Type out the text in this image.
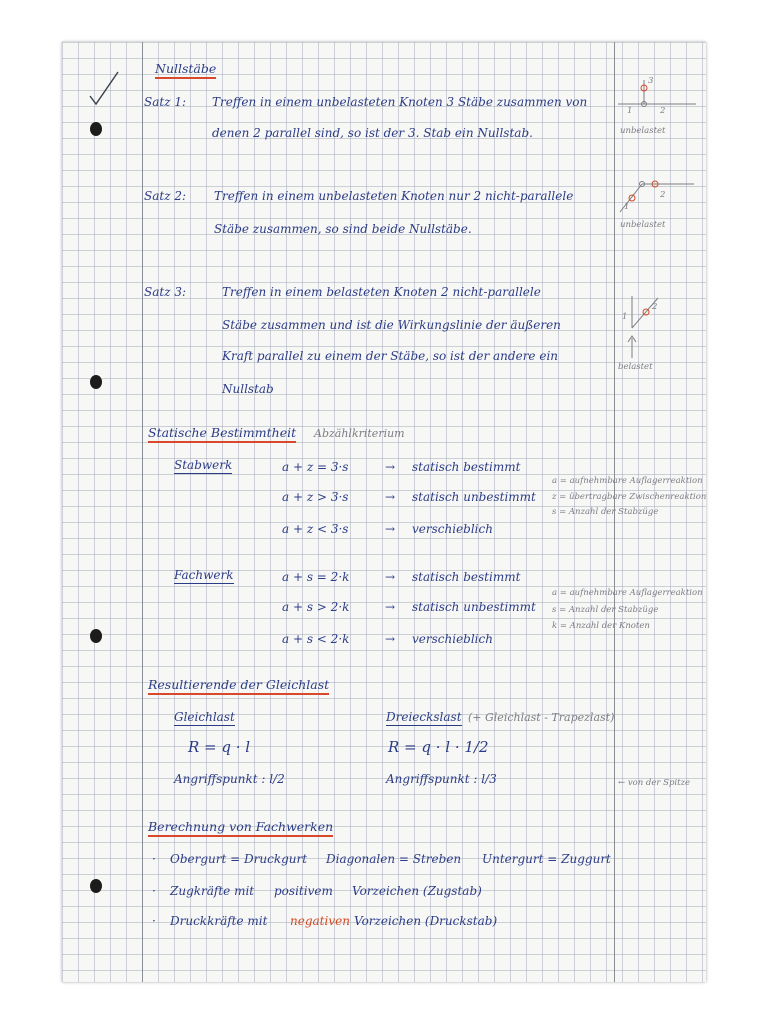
Nullstäbe
Satz 1: Treffen in einem unbelasteten Knoten 3 Stäbe zusammen von
denen 2 parallel sind, so ist der 3. Stab ein Nullstab.
Satz 2: Treffen in einem unbelasteten Knoten nur 2 nicht-parallele
Stäbe zusammen, so sind beide Nullstäbe.
Satz 3:	Treffen in einem belasteten Knoten 2 nicht-parallele
Stäbe zusammen und ist die Wirkungslinie der äußeren
Kraft parallel zu einem der Stäbe, so ist der andere ein
Nullstab
3
1	2
unbelastet
1
2
unbelastet
1
2
belastet
Statische Bestimmtheit Abzählkriterium
Stabwerk	a + z = 3·s	→ statisch bestimmt
a + z > 3·s	→ statisch unbestimmt
a + z < 3·s	→ verschieblich
a = aufnehmbare Auflagerreaktion
z = übertragbare Zwischenreaktion
s = Anzahl der Stabzüge
Fachwerk	a + s = 2·k	→ statisch bestimmt
a + s > 2·k	→ statisch unbestimmt
a + s < 2·k	→ verschieblich
a = aufnehmbare Auflagerreaktion
s = Anzahl der Stabzüge
k = Anzahl der Knoten
Resultierende der Gleichlast
Gleichlast
R = q · l
Angriffspunkt : l/2
Dreieckslast (+ Gleichlast - Trapezlast)
R = q · l · 1/2
Angriffspunkt : l/3	← von der Spitze
Berechnung von Fachwerken
· Obergurt = Druckgurt Diagonalen = Streben Untergurt = Zuggurt
· Zugkräfte mit positivem Vorzeichen (Zugstab)
· Druckkräfte mit negativen Vorzeichen (Druckstab)
